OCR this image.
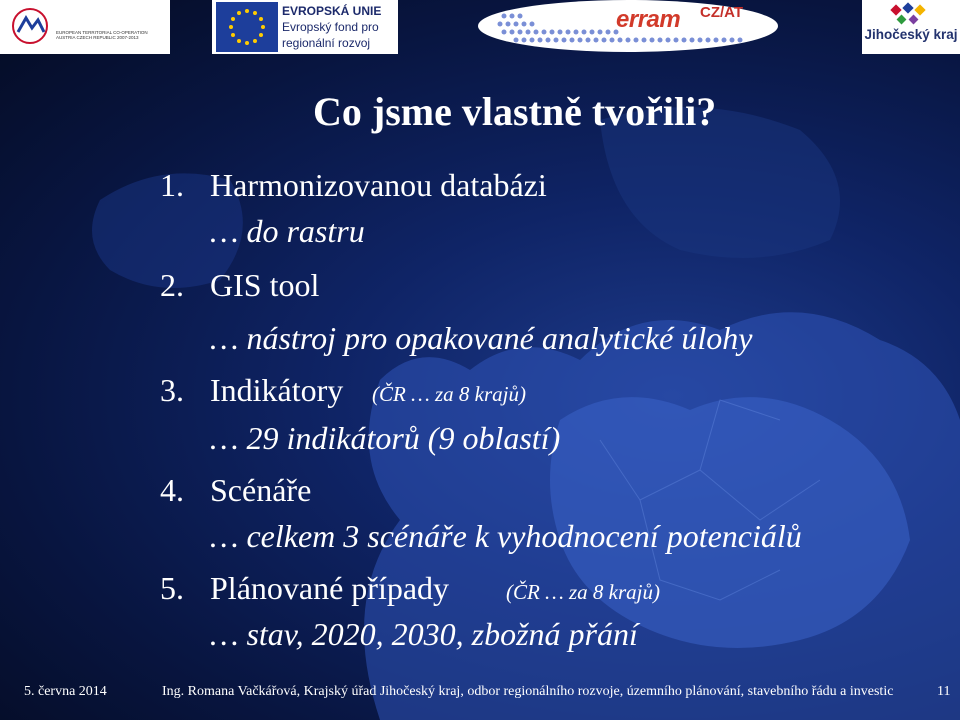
EUROPEAN TERRITORIAL CO-OPERATION AUSTRIA CZECH REPUBLIC 2007-2013
EVROPSKÁ UNIE
Evropský fond pro
regionální rozvoj
erram CZ/AT
Jihočeský kraj
Co jsme vlastně tvořili?
1. Harmonizovanou databázi
… do rastru
2. GIS tool
… nástroj pro opakované analytické úlohy
3. Indikátory (ČR … za 8 krajů)
… 29 indikátorů (9 oblastí)
4. Scénáře
… celkem 3 scénáře k vyhodnocení potenciálů
5. Plánované případy	(ČR … za 8 krajů)
… stav, 2020, 2030, zbožná přání
5. června 2014	Ing. Romana Vačkářová, Krajský úřad Jihočeský kraj, odbor regionálního rozvoje, územního plánování, stavebního řádu a investic	11
